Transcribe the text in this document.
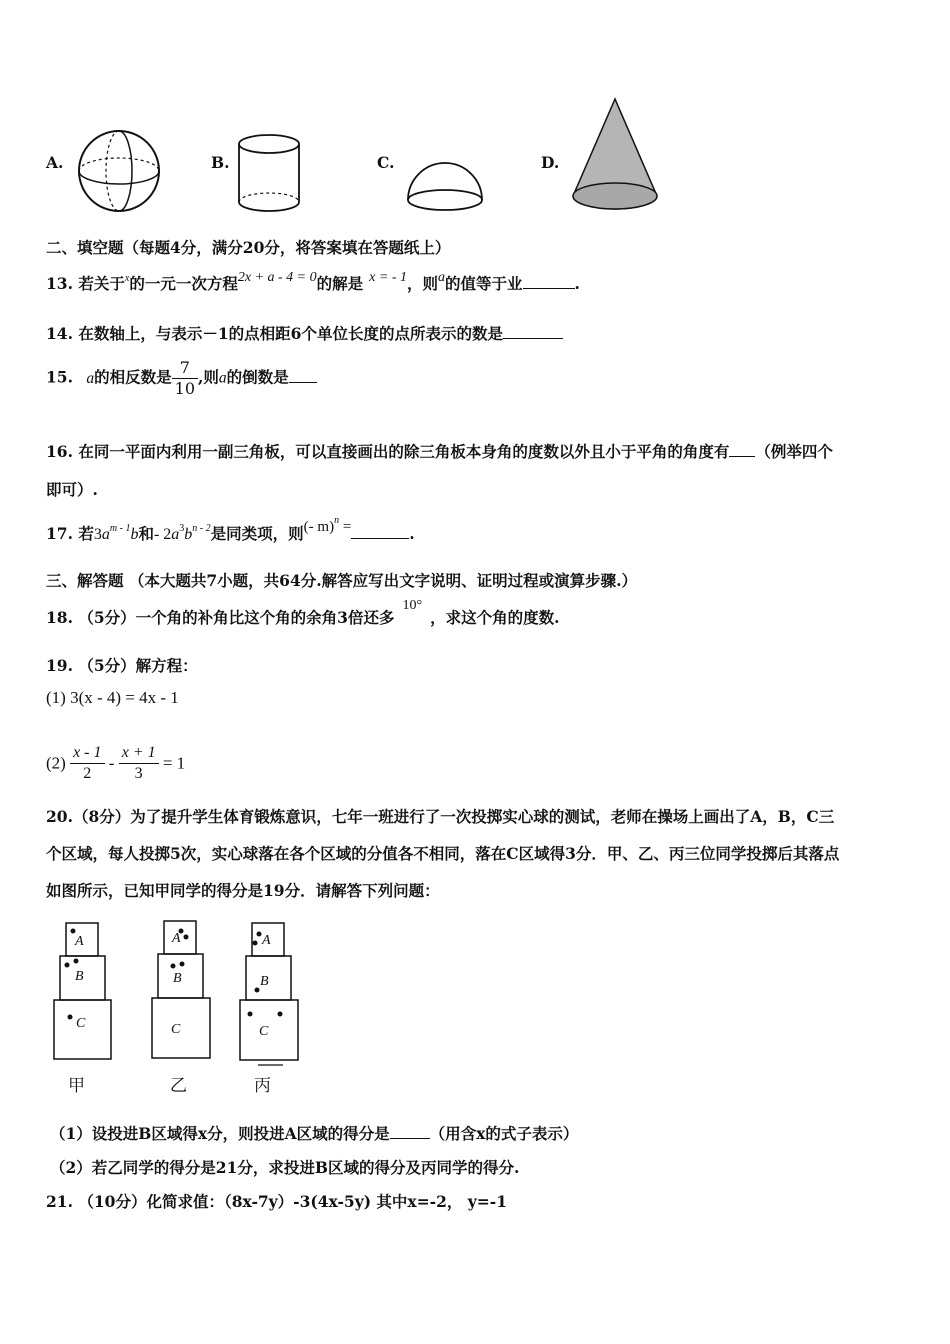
A.	B.	C.	D.
二、填空题（每题4分，满分20分，将答案填在答题纸上）
13. 若关于$^x$的一元一次方程2x + a - 4 = 0的解是 x = - 1，则a的值等于业	.
14. 在数轴上，与表示－1的点相距6个单位长度的点所表示的数是
15. a的相反数是 $\frac{7}{10}$ ,则a的倒数是
16. 在同一平面内利用一副三角板，可以直接画出的除三角板本身角的度数以外且小于平角的角度有 （例举四个
即可）.
17. 若$3a^{m - 1}b$和- $2a^3b^{n - 2}$是同类项，则(- m)$^n$ =	.
三、解答题 （本大题共7小题，共64分.解答应写出文字说明、证明过程或演算步骤.）
18. （5分）一个角的补角比这个角的余角3倍还多10°，求这个角的度数.
19. （5分）解方程：
(1) 3(x - 4) = 4x - 1
$(2) \frac{x - 1}{2} - \frac{x + 1}{3} = 1$
20.（8分）为了提升学生体育锻炼意识，七年一班进行了一次投掷实心球的测试，老师在操场上画出了A，B，C三
个区域，每人投掷5次，实心球落在各个区域的分值各不相同，落在C区域得3分．甲、乙、丙三位同学投掷后其落点
如图所示，已知甲同学的得分是19分．请解答下列问题：
A
B
C
A
B
C
A
B
C
甲	乙	丙
（1）设投进B区域得x分，则投进A区域的得分是	（用含x的式子表示）
（2）若乙同学的得分是21分，求投进B区域的得分及丙同学的得分.
21. （10分）化简求值：（8x-7y）-3(4x-5y) 其中x=-2， y=-1
